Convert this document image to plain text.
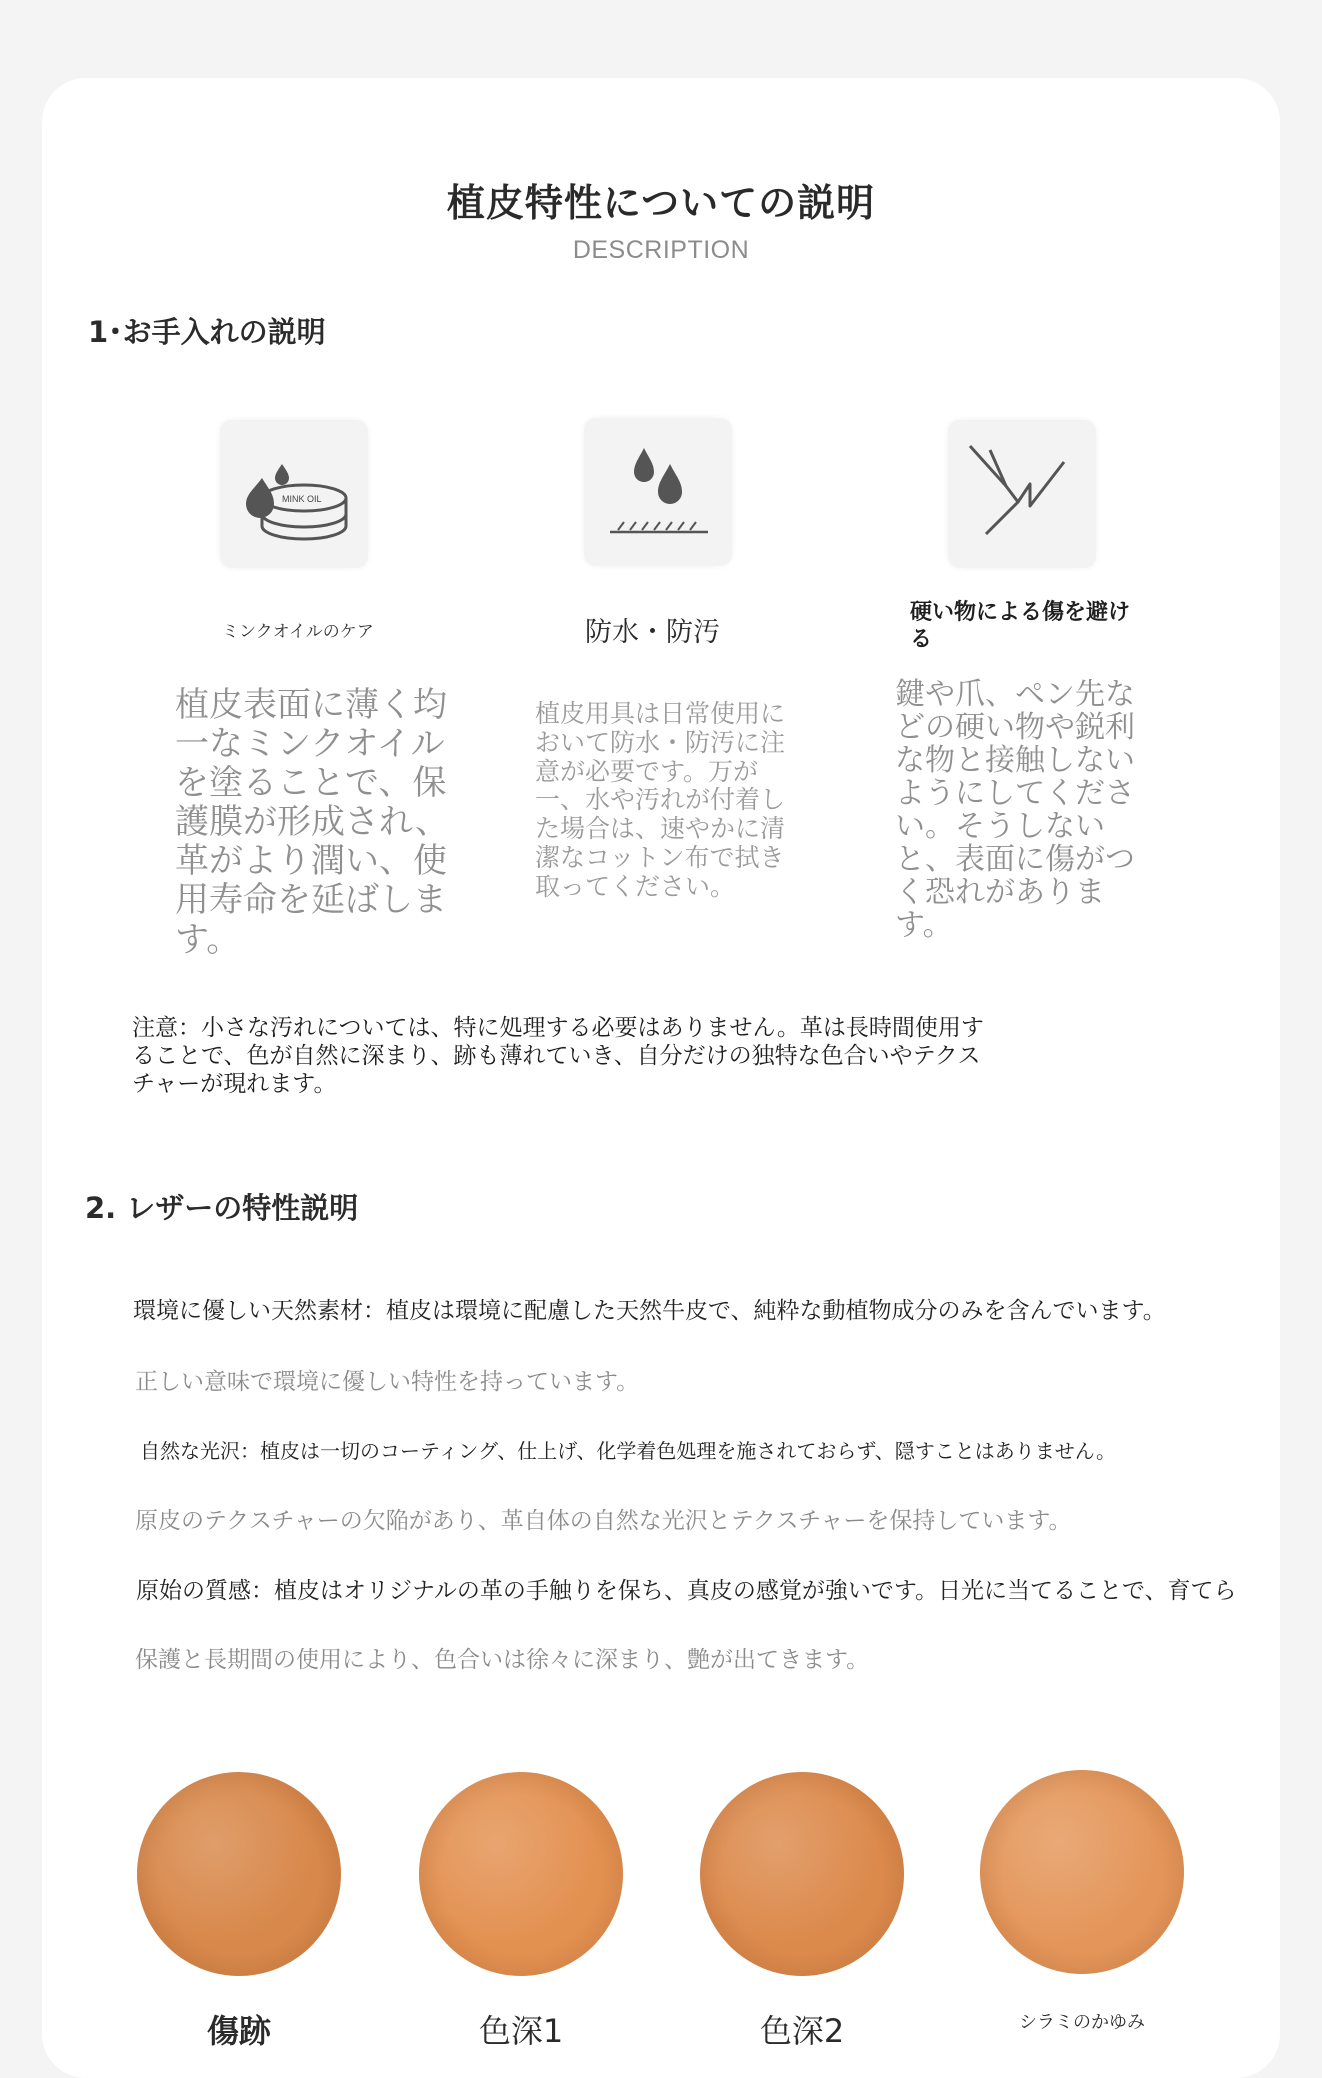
植皮特性についての説明
DESCRIPTION
1･お手入れの説明
MINK OIL
ミンクオイルのケア
植皮表面に薄く均一なミンクオイルを塗ることで、保護膜が形成され、革がより潤い、使用寿命を延ばします。
防水・防汚
植皮用具は日常使用において防水・防汚に注意が必要です。万が一、水や汚れが付着した場合は、速やかに清潔なコットン布で拭き取ってください。
硬い物による傷を避ける
鍵や爪、ペン先などの硬い物や鋭利な物と接触しないようにしてください。そうしないと、表面に傷がつく恐れがあります。
注意：小さな汚れについては、特に処理する必要はありません。革は長時間使用することで、色が自然に深まり、跡も薄れていき、自分だけの独特な色合いやテクスチャーが現れます。
2. レザーの特性説明
環境に優しい天然素材：植皮は環境に配慮した天然牛皮で、純粋な動植物成分のみを含んでいます。
正しい意味で環境に優しい特性を持っています。
自然な光沢：植皮は一切のコーティング、仕上げ、化学着色処理を施されておらず、隠すことはありません。
原皮のテクスチャーの欠陥があり、革自体の自然な光沢とテクスチャーを保持しています。
原始の質感：植皮はオリジナルの革の手触りを保ち、真皮の感覚が強いです。日光に当てることで、育てら
保護と長期間の使用により、色合いは徐々に深まり、艶が出てきます。
傷跡	色深1	色深2	シラミのかゆみ
